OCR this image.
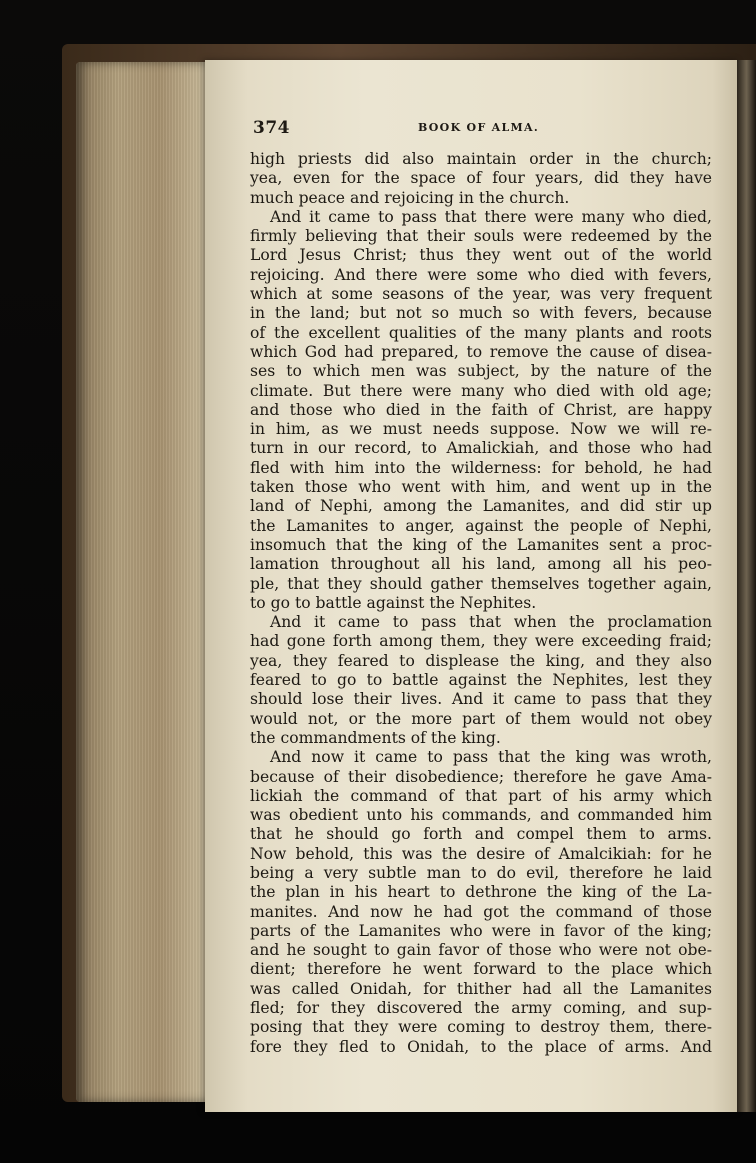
374	BOOK OF ALMA.
high priests did also maintain order in the church;
yea, even for the space of four years, did they have
much peace and rejoicing in the church.
And it came to pass that there were many who died,
firmly believing that their souls were redeemed by the
Lord Jesus Christ; thus they went out of the world
rejoicing. And there were some who died with fevers,
which at some seasons of the year, was very frequent
in the land; but not so much so with fevers, because
of the excellent qualities of the many plants and roots
which God had prepared, to remove the cause of disea-
ses to which men was subject, by the nature of the
climate. But there were many who died with old age;
and those who died in the faith of Christ, are happy
in him, as we must needs suppose. Now we will re-
turn in our record, to Amalickiah, and those who had
fled with him into the wilderness: for behold, he had
taken those who went with him, and went up in the
land of Nephi, among the Lamanites, and did stir up
the Lamanites to anger, against the people of Nephi,
insomuch that the king of the Lamanites sent a proc-
lamation throughout all his land, among all his peo-
ple, that they should gather themselves together again,
to go to battle against the Nephites.
And it came to pass that when the proclamation
had gone forth among them, they were exceeding fraid;
yea, they feared to displease the king, and they also
feared to go to battle against the Nephites, lest they
should lose their lives. And it came to pass that they
would not, or the more part of them would not obey
the commandments of the king.
And now it came to pass that the king was wroth,
because of their disobedience; therefore he gave Ama-
lickiah the command of that part of his army which
was obedient unto his commands, and commanded him
that he should go forth and compel them to arms.
Now behold, this was the desire of Amalcikiah: for he
being a very subtle man to do evil, therefore he laid
the plan in his heart to dethrone the king of the La-
manites. And now he had got the command of those
parts of the Lamanites who were in favor of the king;
and he sought to gain favor of those who were not obe-
dient; therefore he went forward to the place which
was called Onidah, for thither had all the Lamanites
fled; for they discovered the army coming, and sup-
posing that they were coming to destroy them, there-
fore they fled to Onidah, to the place of arms. And
